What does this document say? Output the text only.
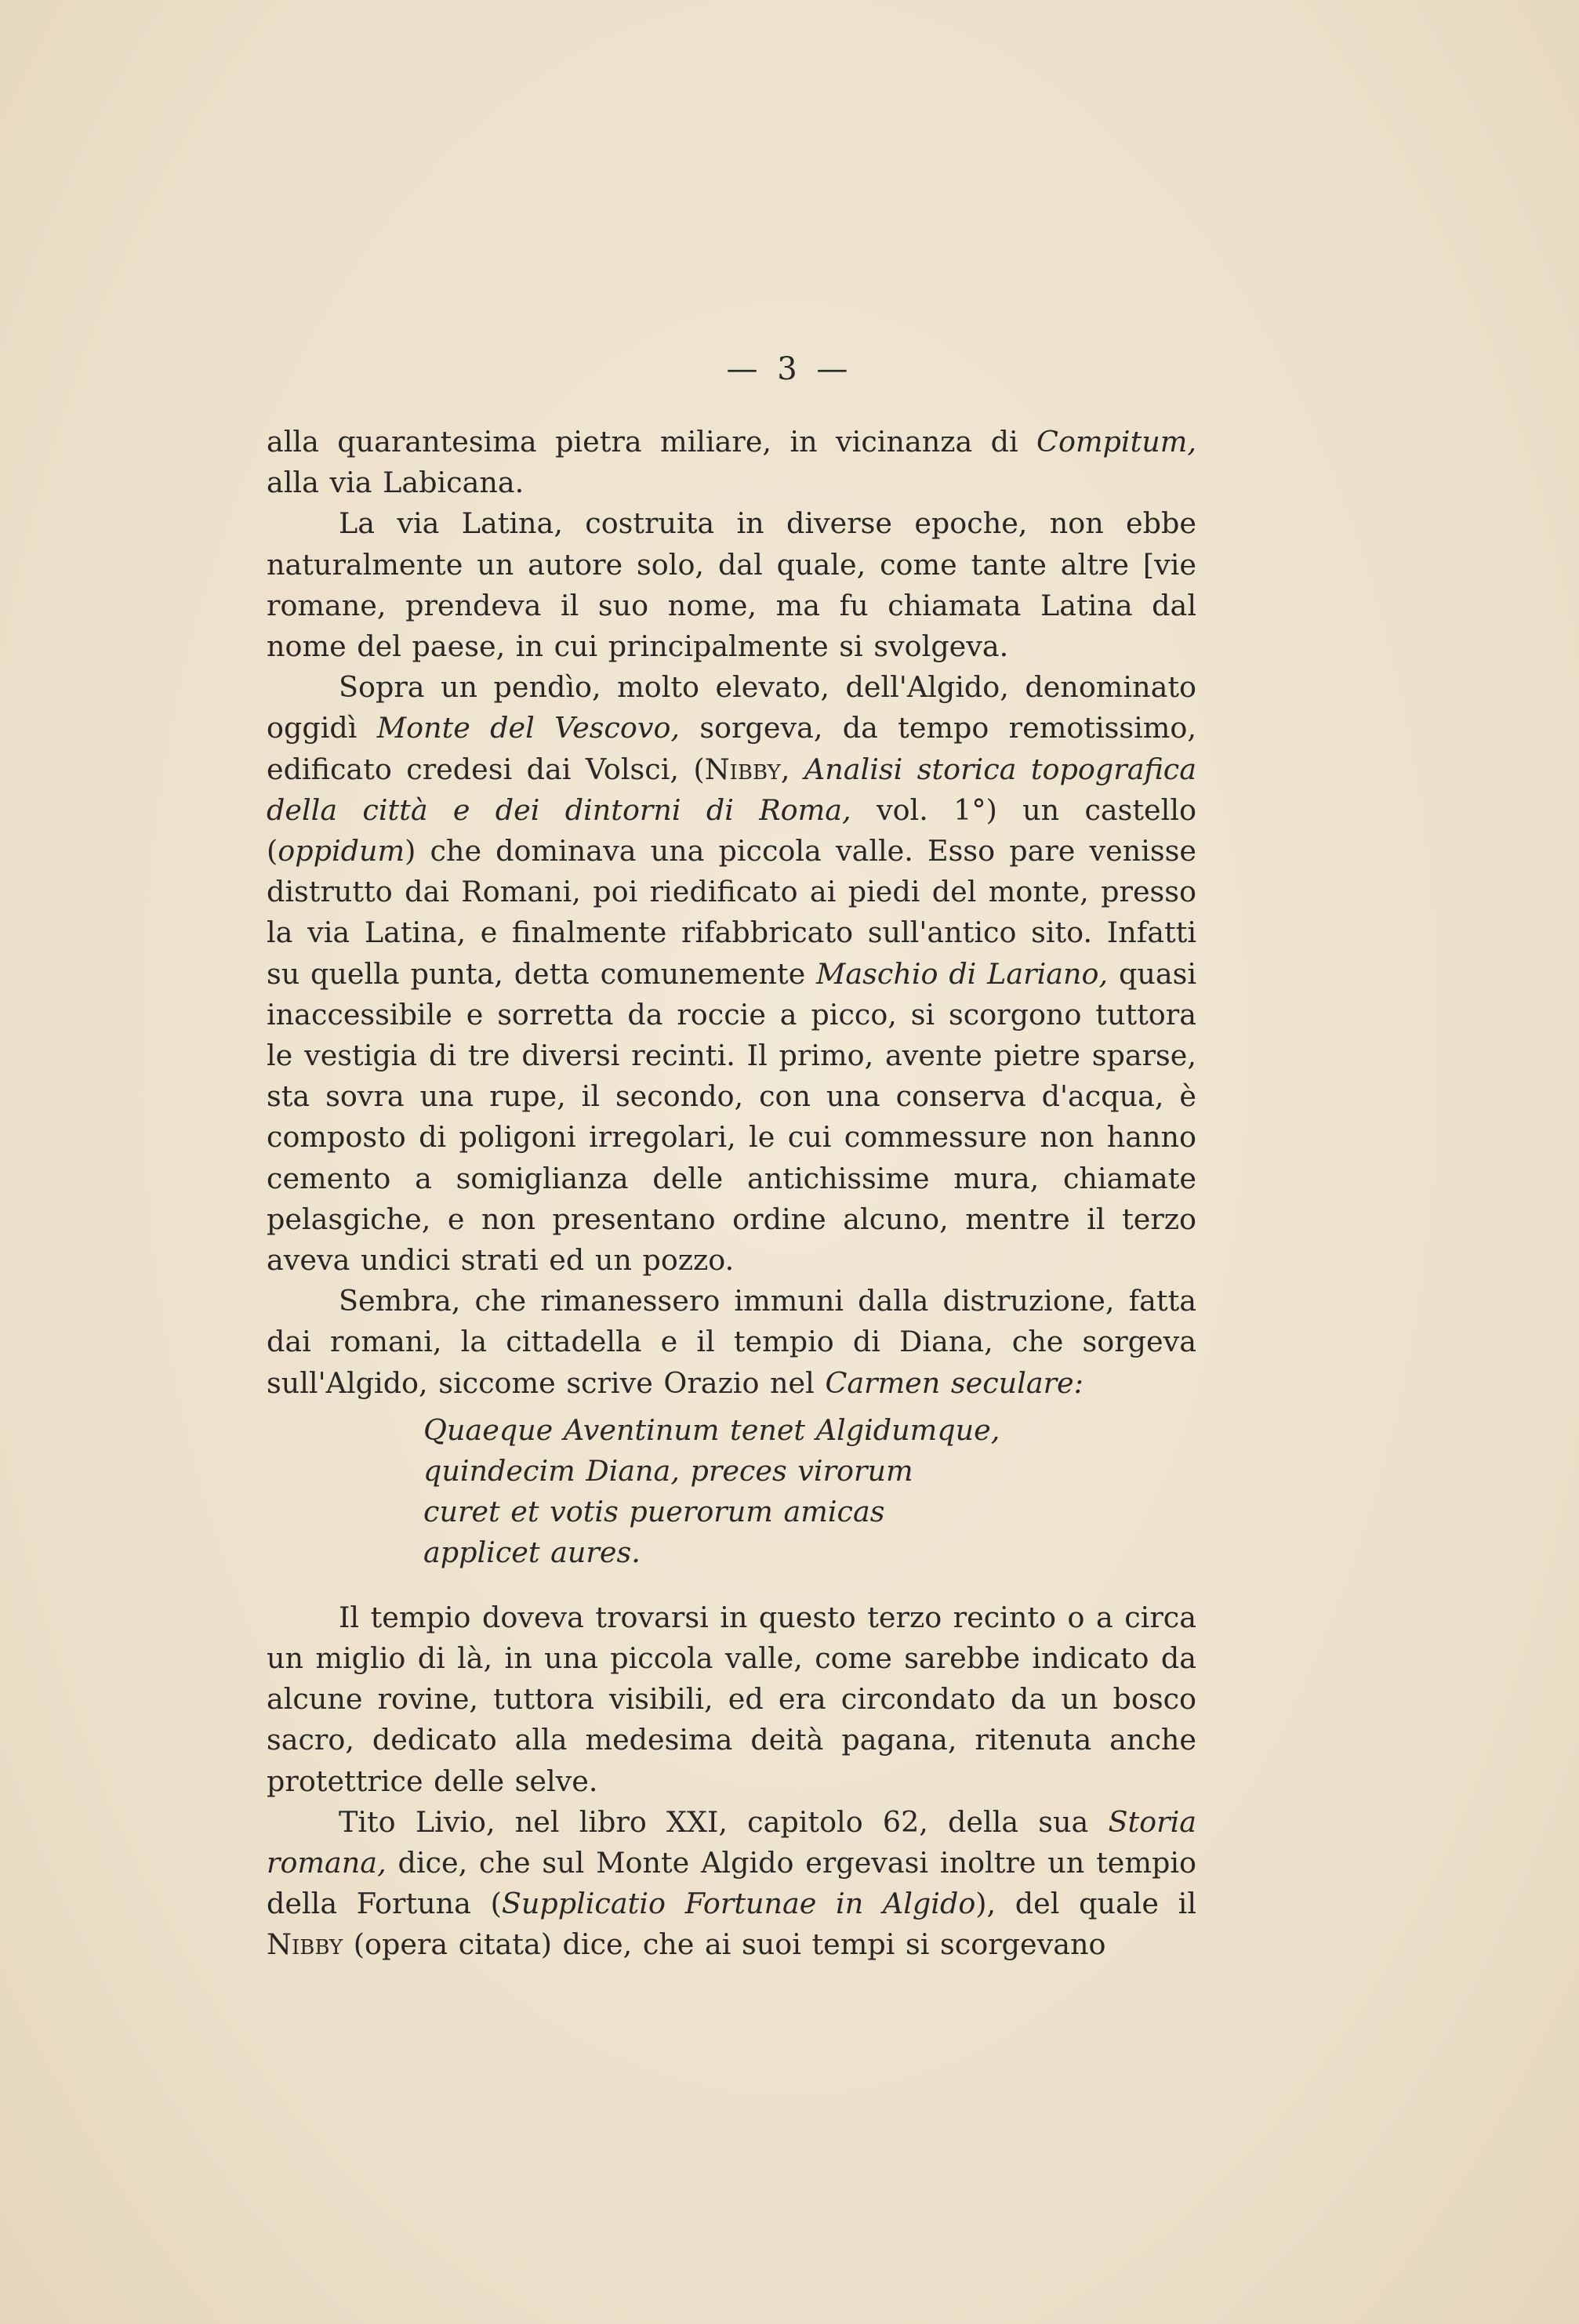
— 3 —

alla quarantesima pietra miliare, in vicinanza di Compitum, alla via Labicana.

La via Latina, costruita in diverse epoche, non ebbe naturalmente un autore solo, dal quale, come tante altre [vie romane, prendeva il suo nome, ma fu chiamata Latina dal nome del paese, in cui principalmente si svolgeva.

Sopra un pendìo, molto elevato, dell'Algido, denominato oggidì Monte del Vescovo, sorgeva, da tempo remotissimo, edificato credesi dai Volsci, (Nibby, Analisi storica topografica della città e dei dintorni di Roma, vol. 1°) un castello (oppidum) che dominava una piccola valle. Esso pare venisse distrutto dai Romani, poi riedificato ai piedi del monte, presso la via Latina, e finalmente rifabbricato sull'antico sito. Infatti su quella punta, detta comunemente Maschio di Lariano, quasi inaccessibile e sorretta da roccie a picco, si scorgono tuttora le vestigia di tre diversi recinti. Il primo, avente pietre sparse, sta sovra una rupe, il secondo, con una conserva d'acqua, è composto di poligoni irregolari, le cui commessure non hanno cemento a somiglianza delle antichissime mura, chiamate pelasgiche, e non presentano ordine alcuno, mentre il terzo aveva undici strati ed un pozzo.

Sembra, che rimanessero immuni dalla distruzione, fatta dai romani, la cittadella e il tempio di Diana, che sorgeva sull'Algido, siccome scrive Orazio nel Carmen seculare:

Quaeque Aventinum tenet Algidumque,
quindecim Diana, preces virorum
curet et votis puerorum amicas
applicet aures.

Il tempio doveva trovarsi in questo terzo recinto o a circa un miglio di là, in una piccola valle, come sarebbe indicato da alcune rovine, tuttora visibili, ed era circondato da un bosco sacro, dedicato alla medesima deità pagana, ritenuta anche protettrice delle selve.

Tito Livio, nel libro XXI, capitolo 62, della sua Storia romana, dice, che sul Monte Algido ergevasi inoltre un tempio della Fortuna (Supplicatio Fortunae in Algido), del quale il Nibby (opera citata) dice, che ai suoi tempi si scorgevano
